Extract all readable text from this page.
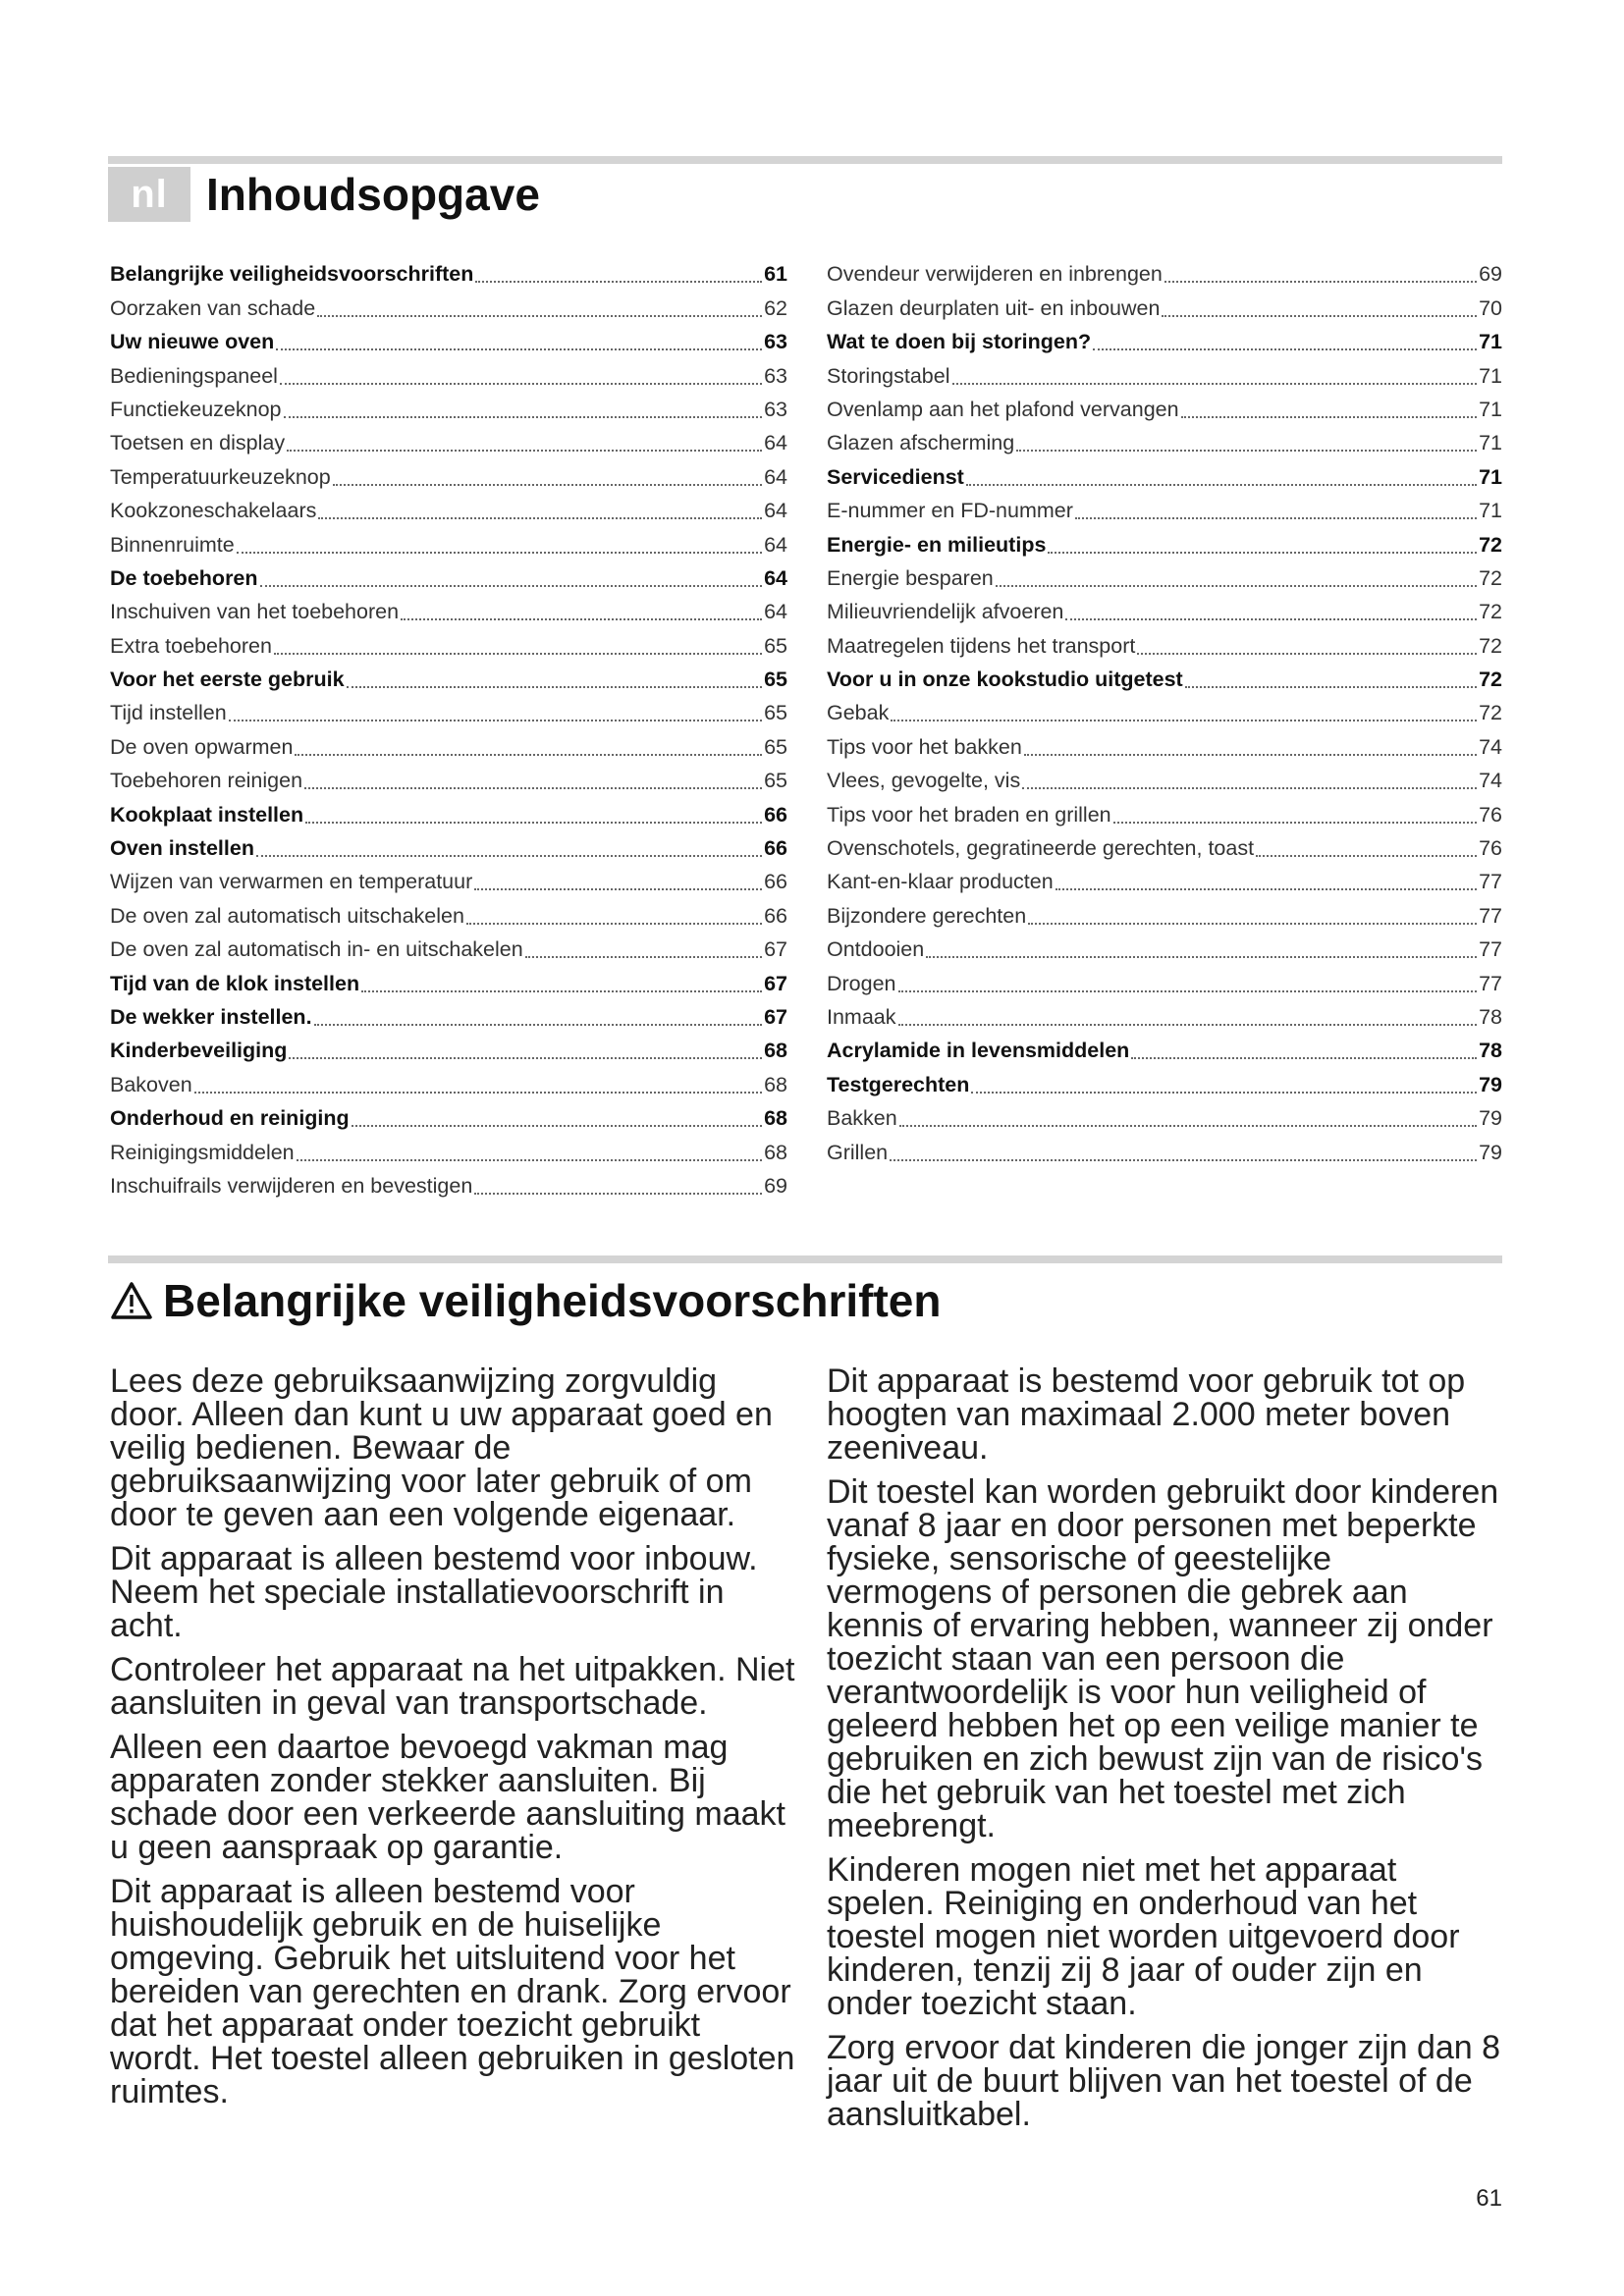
nl Inhoudsopgave
Belangrijke veiligheidsvoorschriften	61
Oorzaken van schade	62
Uw nieuwe oven	63
Bedieningspaneel	63
Functiekeuzeknop	63
Toetsen en display	64
Temperatuurkeuzeknop	64
Kookzoneschakelaars	64
Binnenruimte	64
De toebehoren	64
Inschuiven van het toebehoren	64
Extra toebehoren	65
Voor het eerste gebruik	65
Tijd instellen	65
De oven opwarmen	65
Toebehoren reinigen	65
Kookplaat instellen	66
Oven instellen	66
Wijzen van verwarmen en temperatuur	66
De oven zal automatisch uitschakelen	66
De oven zal automatisch in- en uitschakelen	67
Tijd van de klok instellen	67
De wekker instellen.	67
Kinderbeveiliging	68
Bakoven	68
Onderhoud en reiniging	68
Reinigingsmiddelen	68
Inschuifrails verwijderen en bevestigen	69
Ovendeur verwijderen en inbrengen	69
Glazen deurplaten uit- en inbouwen	70
Wat te doen bij storingen?	71
Storingstabel	71
Ovenlamp aan het plafond vervangen	71
Glazen afscherming	71
Servicedienst	71
E-nummer en FD-nummer	71
Energie- en milieutips	72
Energie besparen	72
Milieuvriendelijk afvoeren	72
Maatregelen tijdens het transport	72
Voor u in onze kookstudio uitgetest	72
Gebak	72
Tips voor het bakken	74
Vlees, gevogelte, vis	74
Tips voor het braden en grillen	76
Ovenschotels, gegratineerde gerechten, toast	76
Kant-en-klaar producten	77
Bijzondere gerechten	77
Ontdooien	77
Drogen	77
Inmaak	78
Acrylamide in levensmiddelen	78
Testgerechten	79
Bakken	79
Grillen	79
Belangrijke veiligheidsvoorschriften

Lees deze gebruiksaanwijzing zorgvuldig door. Alleen dan kunt u uw apparaat goed en veilig bedienen. Bewaar de gebruiksaanwijzing voor later gebruik of om door te geven aan een volgende eigenaar.

Dit apparaat is alleen bestemd voor inbouw. Neem het speciale installatievoorschrift in acht.

Controleer het apparaat na het uitpakken. Niet aansluiten in geval van transportschade.

Alleen een daartoe bevoegd vakman mag apparaten zonder stekker aansluiten. Bij schade door een verkeerde aansluiting maakt u geen aanspraak op garantie.

Dit apparaat is alleen bestemd voor huishoudelijk gebruik en de huiselijke omgeving. Gebruik het uitsluitend voor het bereiden van gerechten en drank. Zorg ervoor dat het apparaat onder toezicht gebruikt wordt. Het toestel alleen gebruiken in gesloten ruimtes.

Dit apparaat is bestemd voor gebruik tot op hoogten van maximaal 2.000 meter boven zeeniveau.

Dit toestel kan worden gebruikt door kinderen vanaf 8 jaar en door personen met beperkte fysieke, sensorische of geestelijke vermogens of personen die gebrek aan kennis of ervaring hebben, wanneer zij onder toezicht staan van een persoon die verantwoordelijk is voor hun veiligheid of geleerd hebben het op een veilige manier te gebruiken en zich bewust zijn van de risico's die het gebruik van het toestel met zich meebrengt.

Kinderen mogen niet met het apparaat spelen. Reiniging en onderhoud van het toestel mogen niet worden uitgevoerd door kinderen, tenzij zij 8 jaar of ouder zijn en onder toezicht staan.

Zorg ervoor dat kinderen die jonger zijn dan 8 jaar uit de buurt blijven van het toestel of de aansluitkabel.

61
